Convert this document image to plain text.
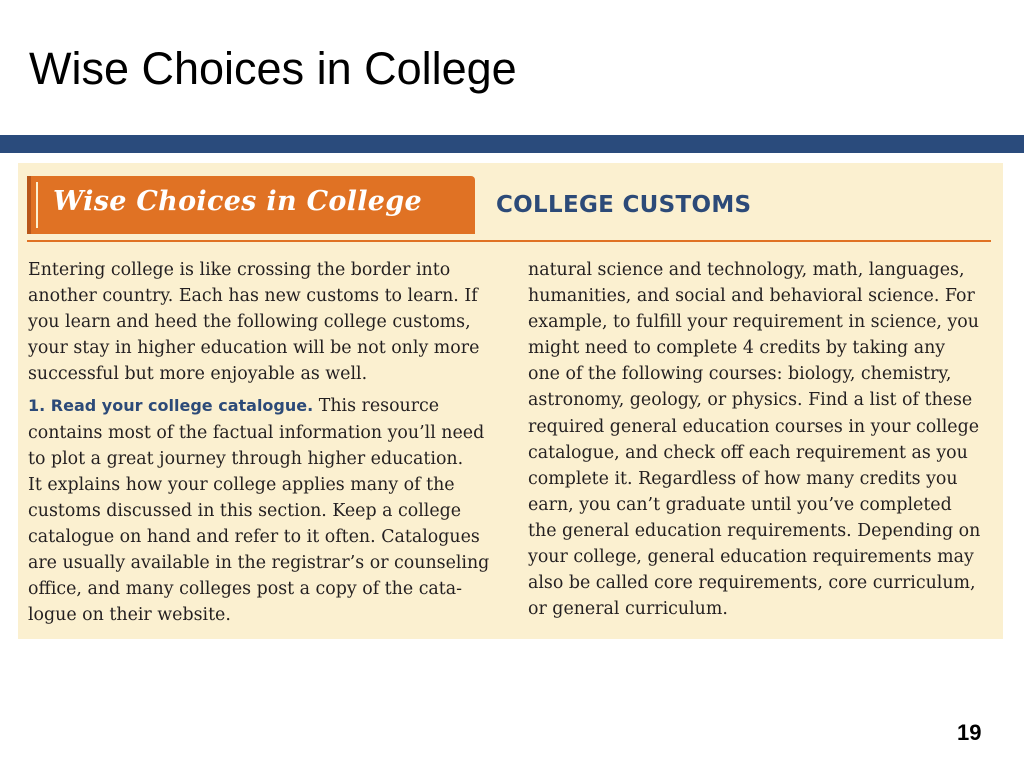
Wise Choices in College
Wise Choices in College	COLLEGE CUSTOMS
Entering college is like crossing the border into
another country. Each has new customs to learn. If
you learn and heed the following college customs,
your stay in higher education will be not only more
successful but more enjoyable as well.
1. Read your college catalogue. This resource
contains most of the factual information you’ll need
to plot a great journey through higher education.
It explains how your college applies many of the
customs discussed in this section. Keep a college
catalogue on hand and refer to it often. Catalogues
are usually available in the registrar’s or counseling
office, and many colleges post a copy of the cata-
logue on their website.
natural science and technology, math, languages,
humanities, and social and behavioral science. For
example, to fulfill your requirement in science, you
might need to complete 4 credits by taking any
one of the following courses: biology, chemistry,
astronomy, geology, or physics. Find a list of these
required general education courses in your college
catalogue, and check off each requirement as you
complete it. Regardless of how many credits you
earn, you can’t graduate until you’ve completed
the general education requirements. Depending on
your college, general education requirements may
also be called core requirements, core curriculum,
or general curriculum.
19
